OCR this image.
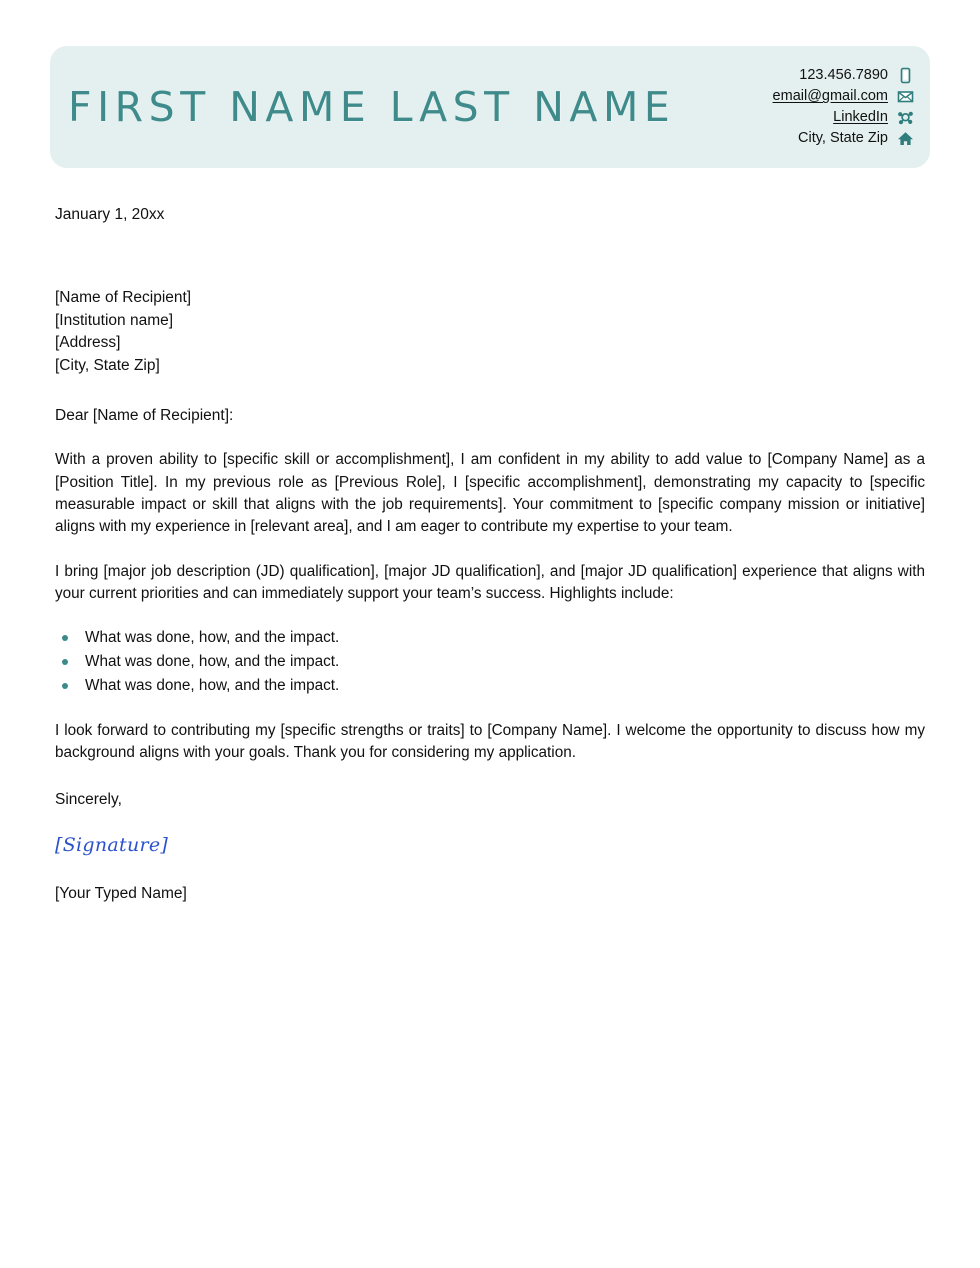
FIRST NAME LAST NAME
123.456.7890
email@gmail.com
LinkedIn
City, State Zip
January 1, 20xx
[Name of Recipient]
[Institution name]
[Address]
[City, State Zip]
Dear [Name of Recipient]:
With a proven ability to [specific skill or accomplishment], I am confident in my ability to add value to [Company Name] as a [Position Title]. In my previous role as [Previous Role], I [specific accomplishment], demonstrating my capacity to [specific measurable impact or skill that aligns with the job requirements]. Your commitment to [specific company mission or initiative] aligns with my experience in [relevant area], and I am eager to contribute my expertise to your team.
I bring [major job description (JD) qualification], [major JD qualification], and [major JD qualification] experience that aligns with your current priorities and can immediately support your team’s success. Highlights include:
What was done, how, and the impact.
What was done, how, and the impact.
What was done, how, and the impact.
I look forward to contributing my [specific strengths or traits] to [Company Name]. I welcome the opportunity to discuss how my background aligns with your goals. Thank you for considering my application.
Sincerely,
[Signature]
[Your Typed Name]
